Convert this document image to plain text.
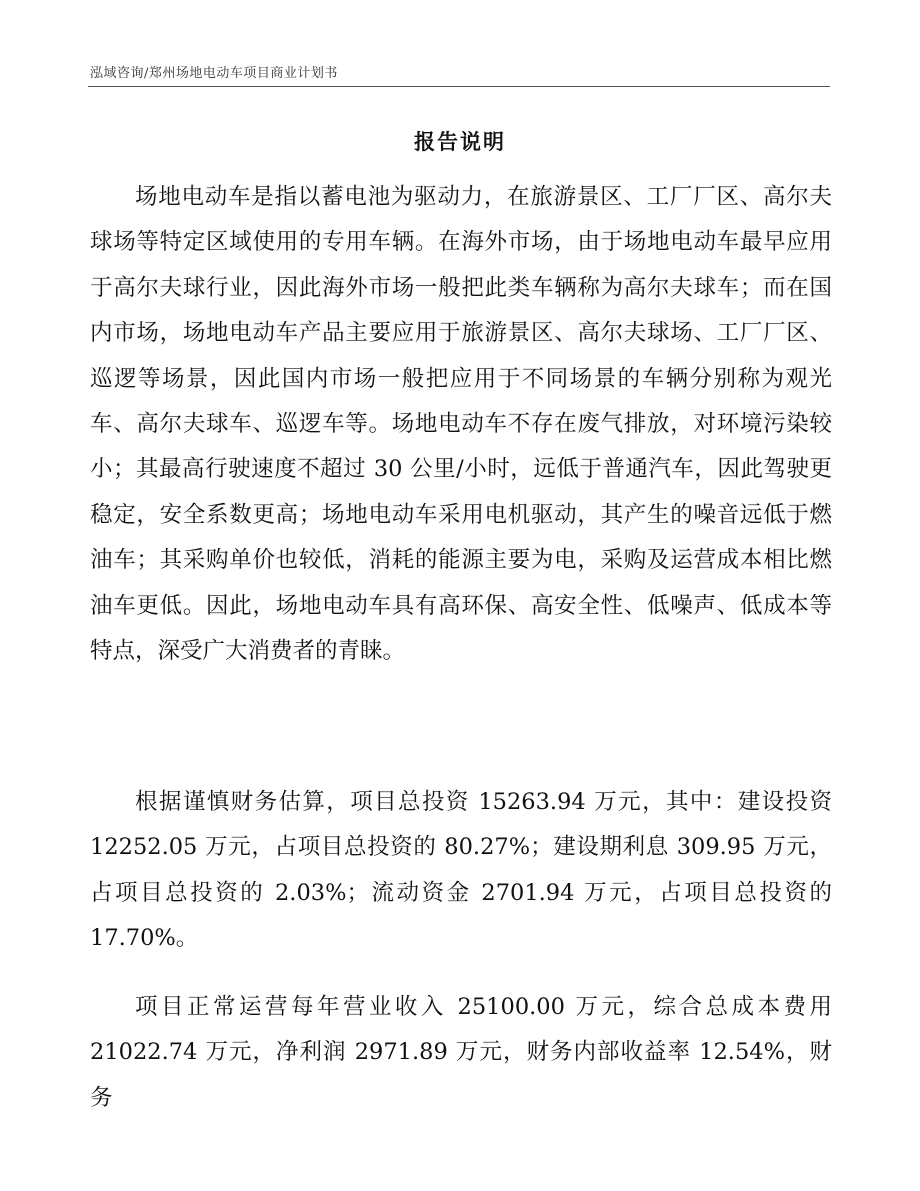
泓域咨询/郑州场地电动车项目商业计划书
报告说明

场地电动车是指以蓄电池为驱动力，在旅游景区、工厂厂区、高尔夫球场等特定区域使用的专用车辆。在海外市场，由于场地电动车最早应用于高尔夫球行业，因此海外市场一般把此类车辆称为高尔夫球车；而在国内市场，场地电动车产品主要应用于旅游景区、高尔夫球场、工厂厂区、巡逻等场景，因此国内市场一般把应用于不同场景的车辆分别称为观光车、高尔夫球车、巡逻车等。场地电动车不存在废气排放，对环境污染较小；其最高行驶速度不超过 30 公里/小时，远低于普通汽车，因此驾驶更稳定，安全系数更高；场地电动车采用电机驱动，其产生的噪音远低于燃油车；其采购单价也较低，消耗的能源主要为电，采购及运营成本相比燃油车更低。因此，场地电动车具有高环保、高安全性、低噪声、低成本等特点，深受广大消费者的青睐。

根据谨慎财务估算，项目总投资 15263.94 万元，其中：建设投资 12252.05 万元，占项目总投资的 80.27%；建设期利息 309.95 万元，占项目总投资的 2.03%；流动资金 2701.94 万元，占项目总投资的 17.70%。

项目正常运营每年营业收入 25100.00 万元，综合总成本费用 21022.74 万元，净利润 2971.89 万元，财务内部收益率 12.54%，财务
